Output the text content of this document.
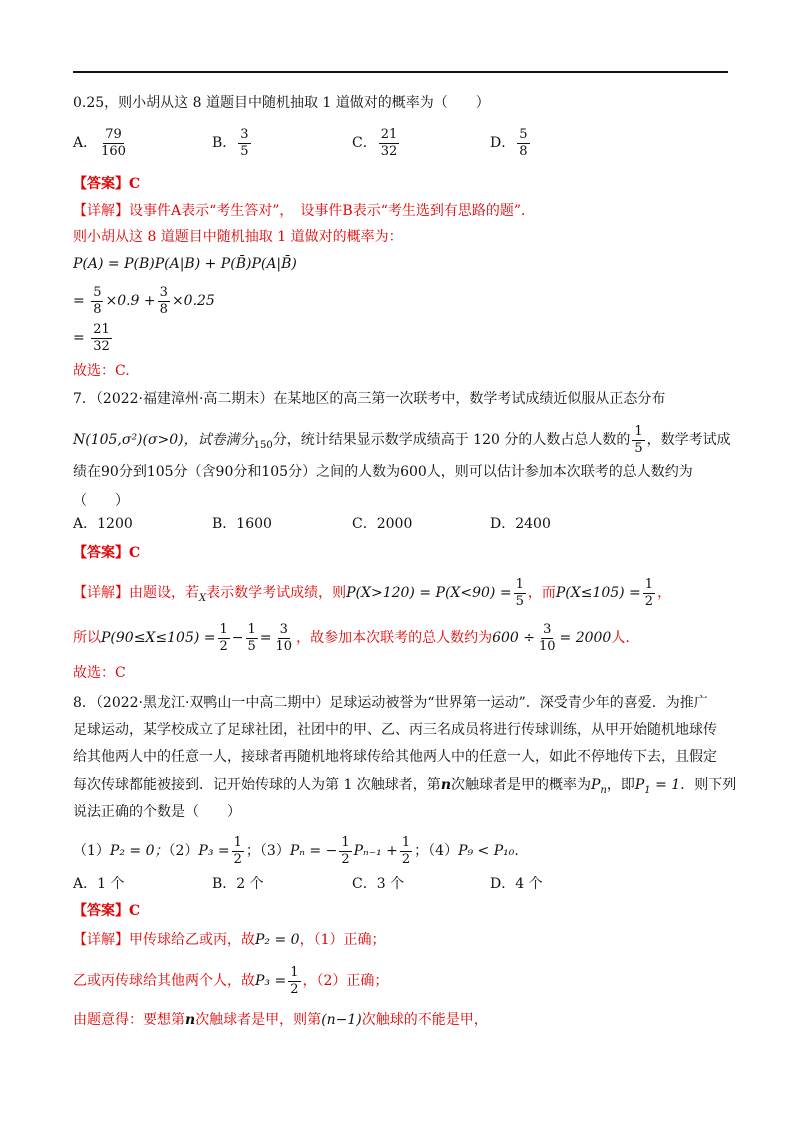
0.25，则小胡从这 8 道题目中随机抽取 1 道做对的概率为（　　）
A． $\frac{79}{160}$	B． $\frac{3}{5}$	C． $\frac{21}{32}$	D． $\frac{5}{8}$
【答案】C
【详解】设事件A表示“考生答对”，　设事件B表示“考生选到有思路的题”．
则小胡从这 8 道题目中随机抽取 1 道做对的概率为：
P(A) = P(B)P(A|B) + P(B̄)P(A|B̄)
= $\frac{5}{8} \times 0.9 + \frac{3}{8} \times 0.25$
= $\frac{21}{32}$
故选：C.
7．（2022·福建漳州·高二期末）在某地区的高三第一次联考中，数学考试成绩近似服从正态分布
N(105,σ²)(σ>0)，试卷满分$_{150}$分，统计结果显示数学成绩高于 120 分的人数占总人数的 $\frac{1}{5}$ ，数学考试成
绩在90分到105分（含90分和105分）之间的人数为600人，则可以估计参加本次联考的总人数约为
（　　）
A．1200	B．1600	C．2000	D．2400
【答案】C
【详解】由题设，若$_X$表示数学考试成绩，则$P(X>120) = P(X<90) = \frac{1}{5}$ ，而$P(X\le 105) = \frac{1}{2}$ ，
所以$P(90\le X\le 105) = \frac{1}{2} - \frac{1}{5} = \frac{3}{10}$ ，故参加本次联考的总人数约为$600 \div \frac{3}{10} = 2000$人.
故选：C
8．（2022·黑龙江·双鸭山一中高二期中）足球运动被誉为“世界第一运动”．深受青少年的喜爱．为推广
足球运动，某学校成立了足球社团，社团中的甲、乙、丙三名成员将进行传球训练，从甲开始随机地球传
给其他两人中的任意一人，接球者再随机地将球传给其他两人中的任意一人，如此不停地传下去，且假定
每次传球都能被接到．记开始传球的人为第 1 次触球者，第n次触球者是甲的概率为$P_n$，即$P_1 = 1$．则下列
说法正确的个数是（　　）
（1）P₂ = 0；$(2)P_3 = \frac{1}{2}$ ；（3）Pₙ = − $\frac{1}{2} P_{n-1} + \frac{1}{2}$ ；（4）P₉ < P₁₀.
A．1 个	B．2 个	C．3 个	D．4 个
【答案】C
【详解】甲传球给乙或丙，故P₂ = 0，（1）正确；
乙或丙传球给其他两个人，故$P_3 = \frac{1}{2}$ ，（2）正确；
由题意得：要想第n次触球者是甲，则第(n−1)次触球的不能是甲，
